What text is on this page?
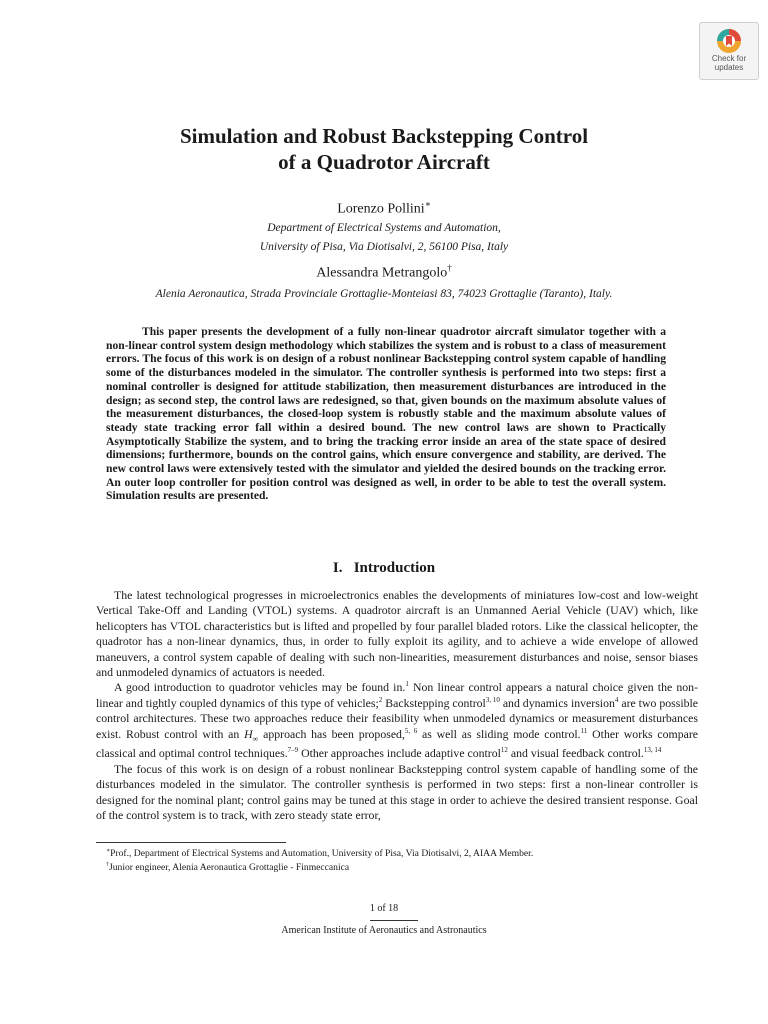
Check for
updates
Simulation and Robust Backstepping Control
of a Quadrotor Aircraft
Lorenzo Pollini∗
Department of Electrical Systems and Automation,
University of Pisa, Via Diotisalvi, 2, 56100 Pisa, Italy
Alessandra Metrangolo†
Alenia Aeronautica, Strada Provinciale Grottaglie-Monteiasi 83, 74023 Grottaglie (Taranto), Italy.

This paper presents the development of a fully non-linear quadrotor aircraft simulator together with a non-linear control system design methodology which stabilizes the system and is robust to a class of measurement errors. The focus of this work is on design of a robust nonlinear Backstepping control system capable of handling some of the disturbances modeled in the simulator. The controller synthesis is performed into two steps: first a nominal controller is designed for attitude stabilization, then measurement disturbances are introduced in the design; as second step, the control laws are redesigned, so that, given bounds on the maximum absolute values of the measurement disturbances, the closed-loop system is robustly stable and the maximum absolute values of steady state tracking error fall within a desired bound. The new control laws are shown to Practically Asymptotically Stabilize the system, and to bring the tracking error inside an area of the state space of desired dimensions; furthermore, bounds on the control gains, which ensure convergence and stability, are derived. The new control laws were extensively tested with the simulator and yielded the desired bounds on the tracking error. An outer loop controller for position control was designed as well, in order to be able to test the overall system. Simulation results are presented.

I. Introduction

The latest technological progresses in microelectronics enables the developments of miniatures low-cost and low-weight Vertical Take-Off and Landing (VTOL) systems. A quadrotor aircraft is an Unmanned Aerial Vehicle (UAV) which, like helicopters has VTOL characteristics but is lifted and propelled by four parallel bladed rotors. Like the classical helicopter, the quadrotor has a non-linear dynamics, thus, in order to fully exploit its agility, and to achieve a wide envelope of allowed maneuvers, a control system capable of dealing with such non-linearities, measurement disturbances and noise, sensor biases and unmodeled dynamics of actuators is needed.

A good introduction to quadrotor vehicles may be found in.$^1$ Non linear control appears a natural choice given the non-linear and tightly coupled dynamics of this type of vehicles;$^2$ Backstepping control$^{3, 10}$ and dynamics inversion$^4$ are two possible control architectures. These two approaches reduce their feasibility when unmodeled dynamics or measurement disturbances exist. Robust control with an $H_\infty$ approach has been proposed,$^{5, 6}$ as well as sliding mode control.$^{11}$ Other works compare classical and optimal control techniques.$^{7-9}$ Other approaches include adaptive control$^{12}$ and visual feedback control.$^{13, 14}$

The focus of this work is on design of a robust nonlinear Backstepping control system capable of handling some of the disturbances modeled in the simulator. The controller synthesis is performed in two steps: first a non-linear controller is designed for the nominal plant; control gains may be tuned at this stage in order to achieve the desired transient response. Goal of the control system is to track, with zero steady state error,

∗Prof., Department of Electrical Systems and Automation, University of Pisa, Via Diotisalvi, 2, AIAA Member.
†Junior engineer, Alenia Aeronautica Grottaglie - Finmeccanica
1 of 18
American Institute of Aeronautics and Astronautics
